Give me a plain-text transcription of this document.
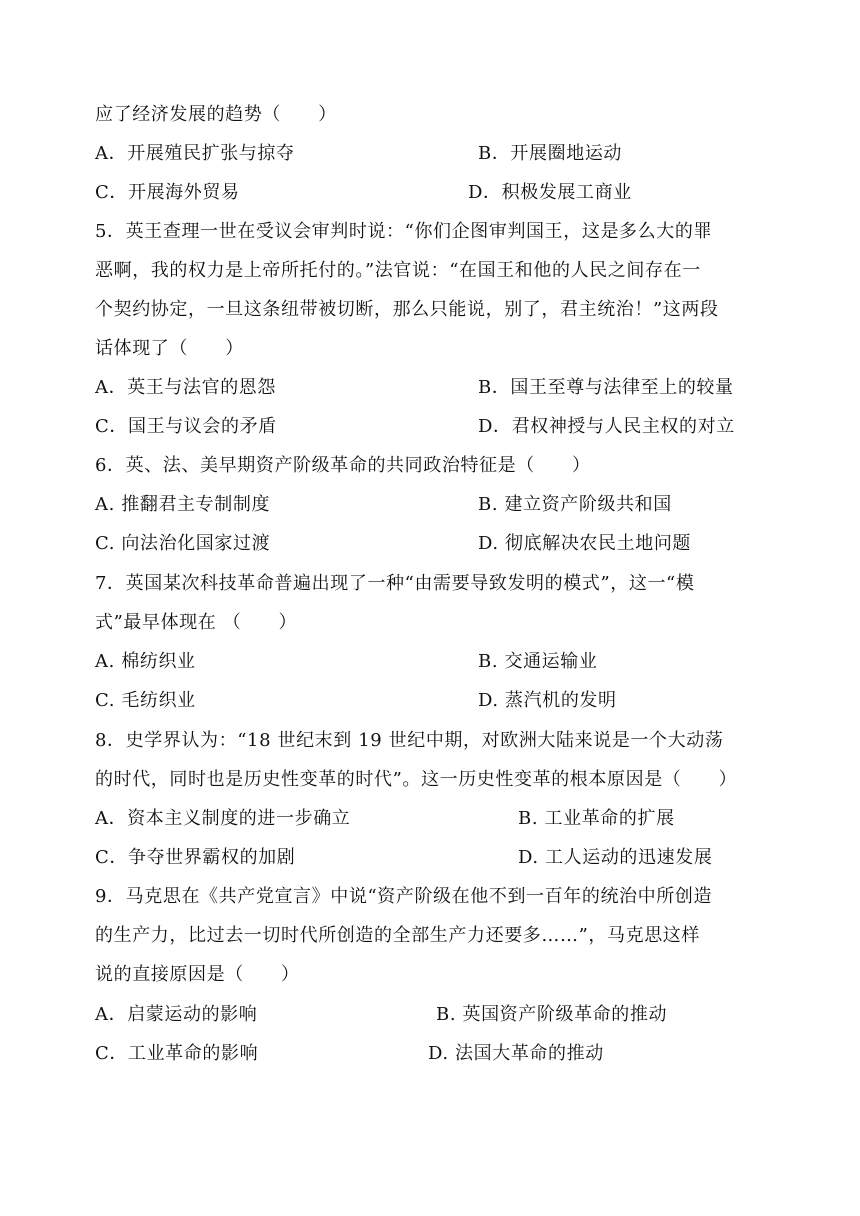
应了经济发展的趋势（　　）
A．开展殖民扩张与掠夺	B．开展圈地运动
C．开展海外贸易	D．积极发展工商业
5．英王查理一世在受议会审判时说：“你们企图审判国王，这是多么大的罪
恶啊，我的权力是上帝所托付的。”法官说：“在国王和他的人民之间存在一
个契约协定，一旦这条纽带被切断，那么只能说，别了，君主统治！”这两段
话体现了（　　）
A．英王与法官的恩怨	B．国王至尊与法律至上的较量
C．国王与议会的矛盾	D．君权神授与人民主权的对立
6．英、法、美早期资产阶级革命的共同政治特征是（　　）
A. 推翻君主专制制度	B. 建立资产阶级共和国
C. 向法治化国家过渡	D. 彻底解决农民土地问题
7．英国某次科技革命普遍出现了一种“由需要导致发明的模式”，这一“模
式”最早体现在 （　　）
A. 棉纺织业	B. 交通运输业
C. 毛纺织业	D. 蒸汽机的发明
8．史学界认为：“18 世纪末到 19 世纪中期，对欧洲大陆来说是一个大动荡
的时代，同时也是历史性变革的时代”。这一历史性变革的根本原因是（　　）
A．资本主义制度的进一步确立	B. 工业革命的扩展
C．争夺世界霸权的加剧	D. 工人运动的迅速发展
9．马克思在《共产党宣言》中说“资产阶级在他不到一百年的统治中所创造
的生产力，比过去一切时代所创造的全部生产力还要多……”，马克思这样
说的直接原因是（　　）
A．启蒙运动的影响	B. 英国资产阶级革命的推动
C．工业革命的影响	D. 法国大革命的推动
